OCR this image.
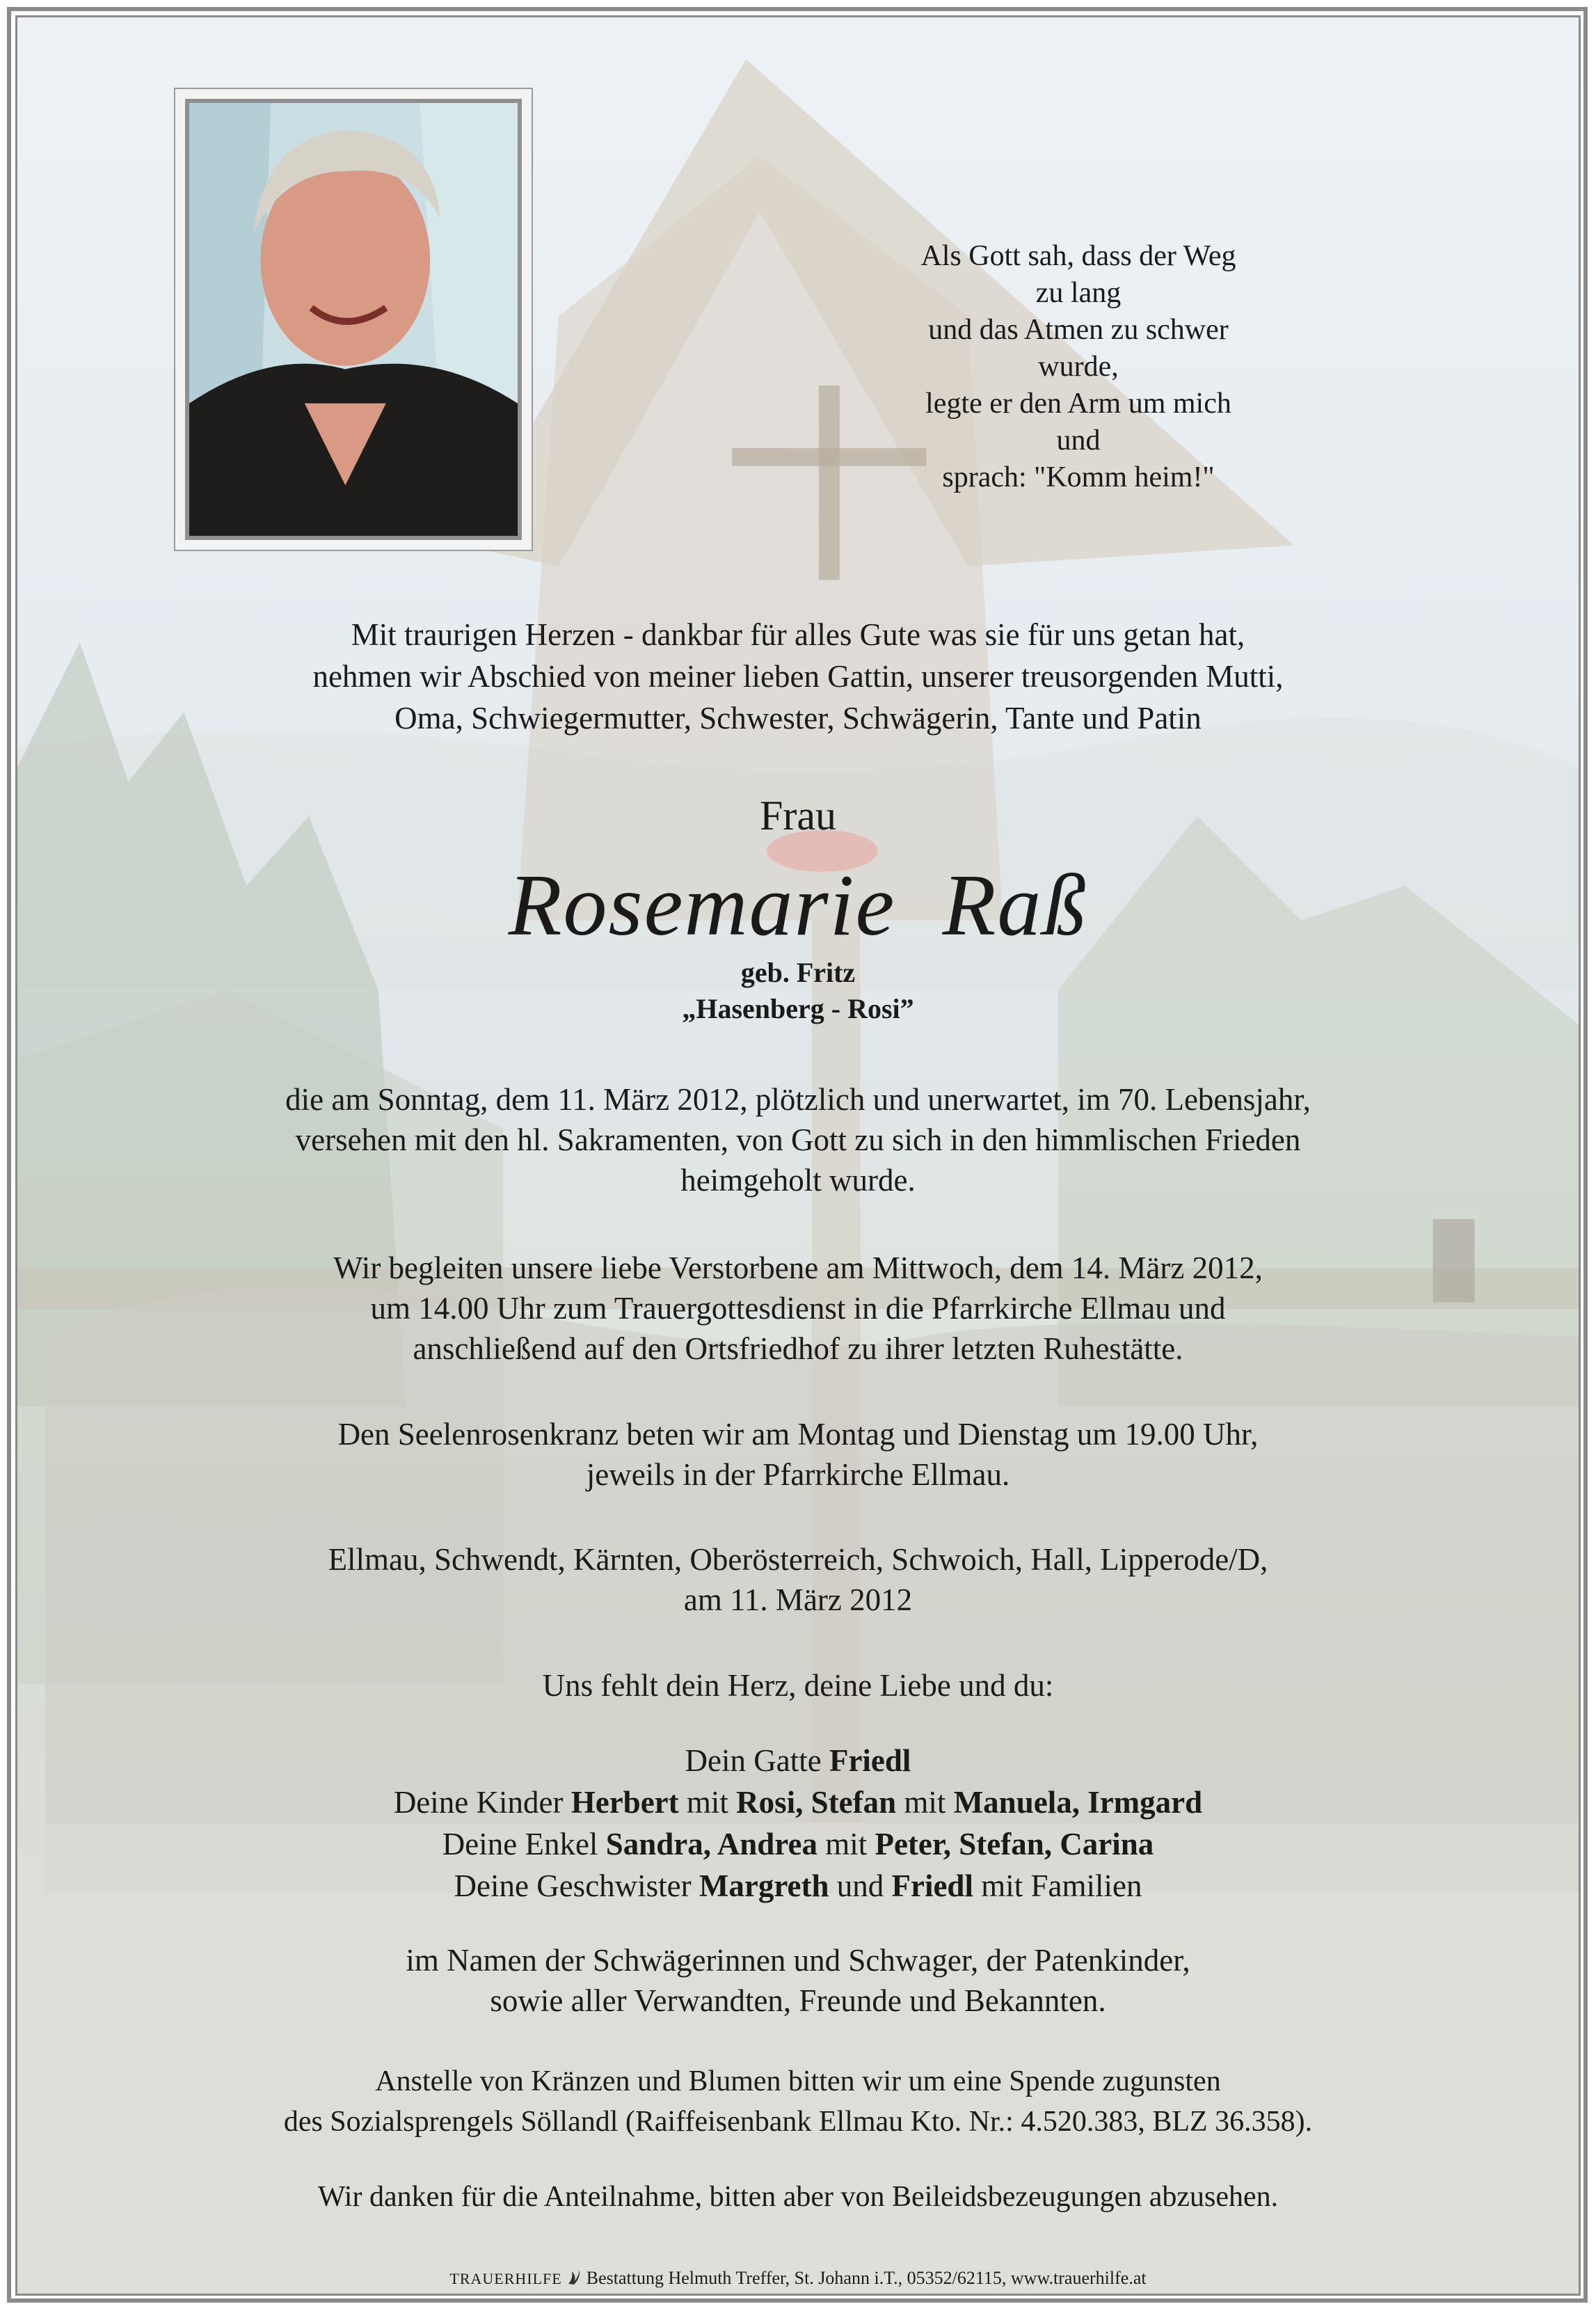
Als Gott sah, dass der Weg zu lang
und das Atmen zu schwer wurde,
legte er den Arm um mich und
sprach: "Komm heim!"
Mit traurigen Herzen - dankbar für alles Gute was sie für uns getan hat,
nehmen wir Abschied von meiner lieben Gattin, unserer treusorgenden Mutti,
Oma, Schwiegermutter, Schwester, Schwägerin, Tante und Patin
Frau
Rosemarie  Raß
geb. Fritz
„Hasenberg - Rosi”
die am Sonntag, dem 11. März 2012, plötzlich und unerwartet, im 70. Lebensjahr,
versehen mit den hl. Sakramenten, von Gott zu sich in den himmlischen Frieden
heimgeholt wurde.
Wir begleiten unsere liebe Verstorbene am Mittwoch, dem 14. März 2012,
um 14.00 Uhr zum Trauergottesdienst in die Pfarrkirche Ellmau und
anschließend auf den Ortsfriedhof zu ihrer letzten Ruhestätte.
Den Seelenrosenkranz beten wir am Montag und Dienstag um 19.00 Uhr,
jeweils in der Pfarrkirche Ellmau.
Ellmau, Schwendt, Kärnten, Oberösterreich, Schwoich, Hall, Lipperode/D,
am 11. März 2012
Uns fehlt dein Herz, deine Liebe und du:
Dein Gatte Friedl
Deine Kinder Herbert mit Rosi, Stefan mit Manuela, Irmgard
Deine Enkel Sandra, Andrea mit Peter, Stefan, Carina
Deine Geschwister Margreth und Friedl mit Familien
im Namen der Schwägerinnen und Schwager, der Patenkinder,
sowie aller Verwandten, Freunde und Bekannten.
Anstelle von Kränzen und Blumen bitten wir um eine Spende zugunsten
des Sozialsprengels Söllandl (Raiffeisenbank Ellmau Kto. Nr.: 4.520.383, BLZ 36.358).
Wir danken für die Anteilnahme, bitten aber von Beileidsbezeugungen abzusehen.
TRAUERHILFE  Bestattung Helmuth Treffer, St. Johann i.T., 05352/62115, www.trauerhilfe.at
